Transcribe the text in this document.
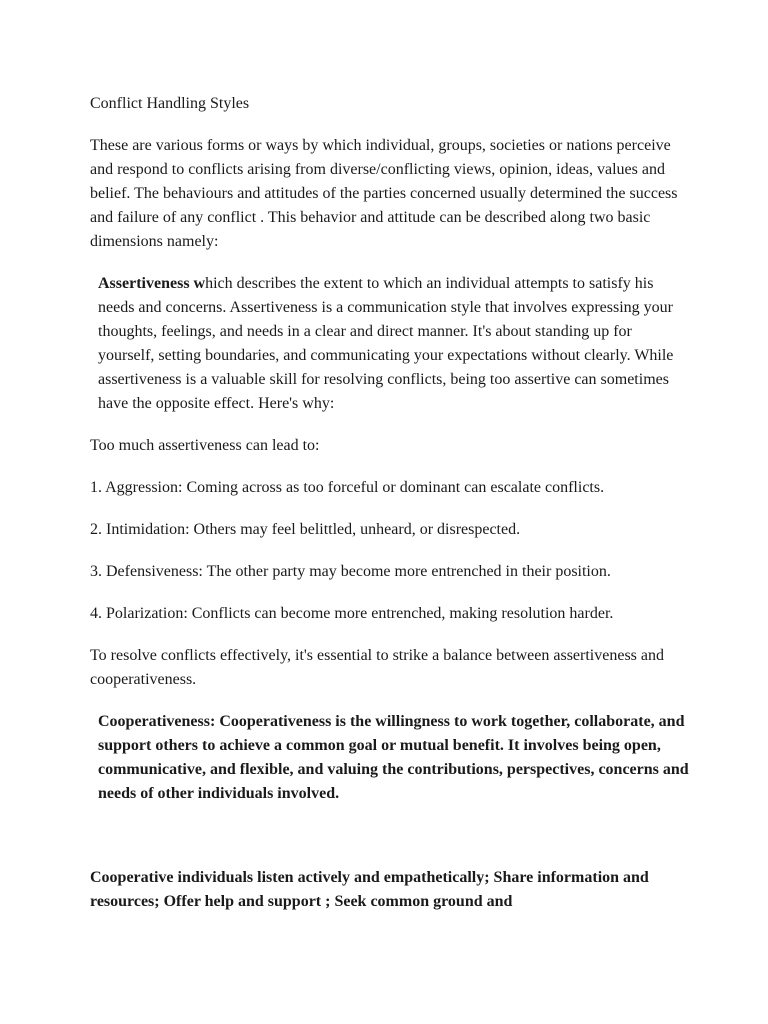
Conflict Handling Styles

These are various forms or ways by which individual, groups, societies or nations perceive and respond to conflicts arising from diverse/conflicting views, opinion, ideas, values and belief. The behaviours and attitudes of the parties concerned usually determined the success and failure of any conflict . This behavior and attitude can be described along two basic dimensions namely:

Assertiveness which describes the extent to which an individual attempts to satisfy his needs and concerns. Assertiveness is a communication style that involves expressing your thoughts, feelings, and needs in a clear and direct manner. It's about standing up for yourself, setting boundaries, and communicating your expectations without clearly. While assertiveness is a valuable skill for resolving conflicts, being too assertive can sometimes have the opposite effect. Here's why:

Too much assertiveness can lead to:

1. Aggression: Coming across as too forceful or dominant can escalate conflicts.

2. Intimidation: Others may feel belittled, unheard, or disrespected.

3. Defensiveness: The other party may become more entrenched in their position.

4. Polarization: Conflicts can become more entrenched, making resolution harder.

To resolve conflicts effectively, it's essential to strike a balance between assertiveness and cooperativeness.

Cooperativeness: Cooperativeness is the willingness to work together, collaborate, and support others to achieve a common goal or mutual benefit. It involves being open, communicative, and flexible, and valuing the contributions, perspectives, concerns and needs of other individuals involved.

Cooperative individuals listen actively and empathetically; Share information and resources; Offer help and support ; Seek common ground and
